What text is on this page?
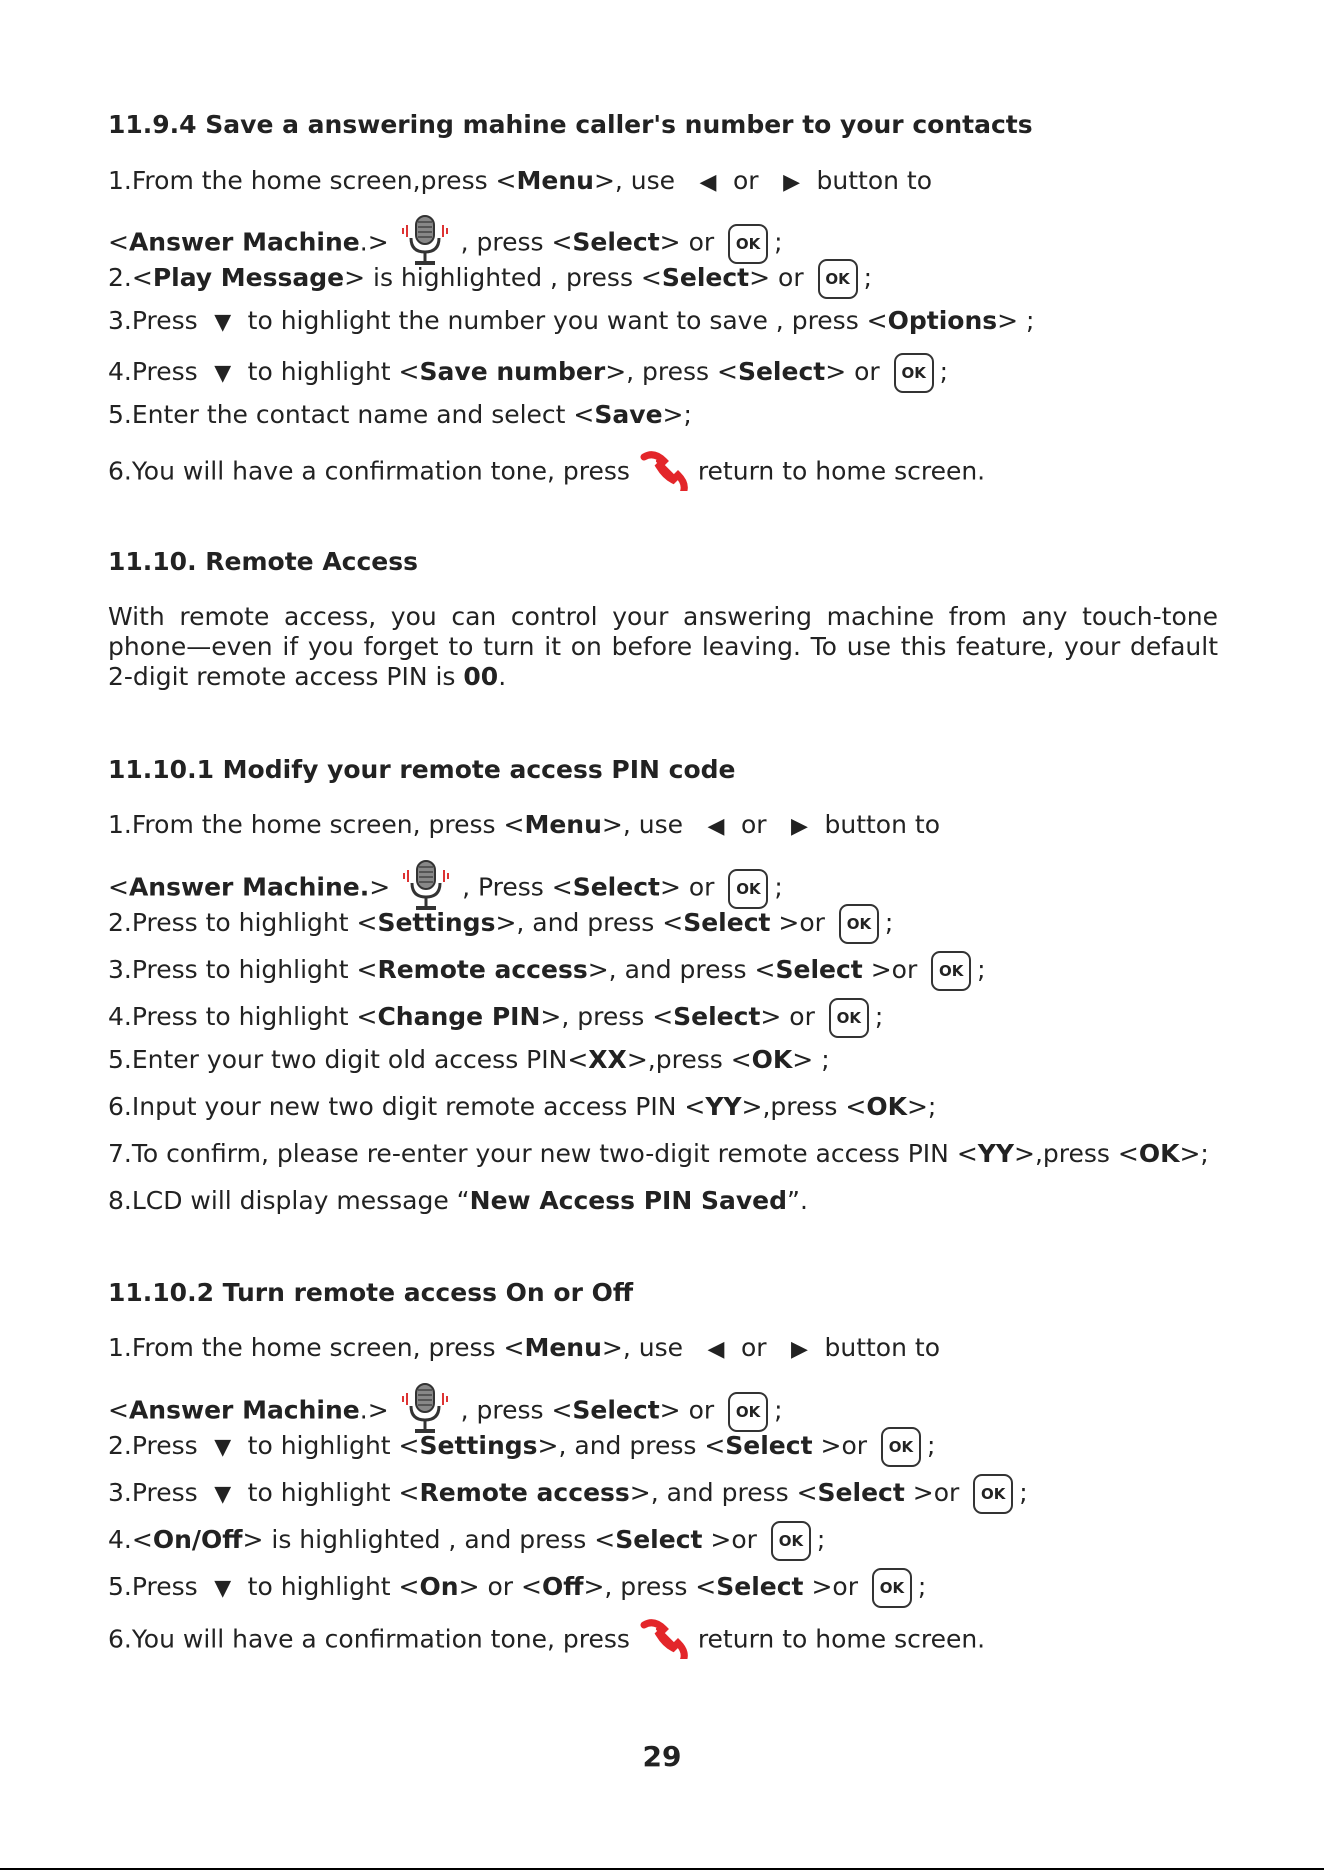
11.9.4 Save a answering mahine caller's number to your contacts
1.From the home screen,press <Menu>, use ◀ or ▶ button to
<Answer Machine.>	, press <Select> or OK ;
2.<Play Message> is highlighted , press <Select> or OK ;
3.Press ▼ to highlight the number you want to save , press <Options> ;
4.Press ▼ to highlight <Save number>, press <Select> or OK ;
5.Enter the contact name and select <Save>;
6.You will have a confirmation tone, press	return to home screen.
11.10. Remote Access
With remote access, you can control your answering machine from any touch-tone phone—even if you forget to turn it on before leaving. To use this feature, your default 2-digit remote access PIN is 00.
11.10.1 Modify your remote access PIN code
1.From the home screen, press <Menu>, use ◀ or ▶ button to
<Answer Machine.>	, Press <Select> or OK ;
2.Press to highlight <Settings>, and press <Select >or OK ;
3.Press to highlight <Remote access>, and press <Select >or OK ;
4.Press to highlight <Change PIN>, press <Select> or OK ;
5.Enter your two digit old access PIN<XX>,press <OK> ;
6.Input your new two digit remote access PIN <YY>,press <OK>;
7.To confirm, please re-enter your new two-digit remote access PIN <YY>,press <OK>;
8.LCD will display message “New Access PIN Saved”.
11.10.2 Turn remote access On or Off
1.From the home screen, press <Menu>, use ◀ or ▶ button to
<Answer Machine.>	, press <Select> or OK ;
2.Press ▼ to highlight <Settings>, and press <Select >or OK ;
3.Press ▼ to highlight <Remote access>, and press <Select >or OK ;
4.<On/Off> is highlighted , and press <Select >or OK ;
5.Press ▼ to highlight <On> or <Off>, press <Select >or OK ;
6.You will have a confirmation tone, press	return to home screen.
29
